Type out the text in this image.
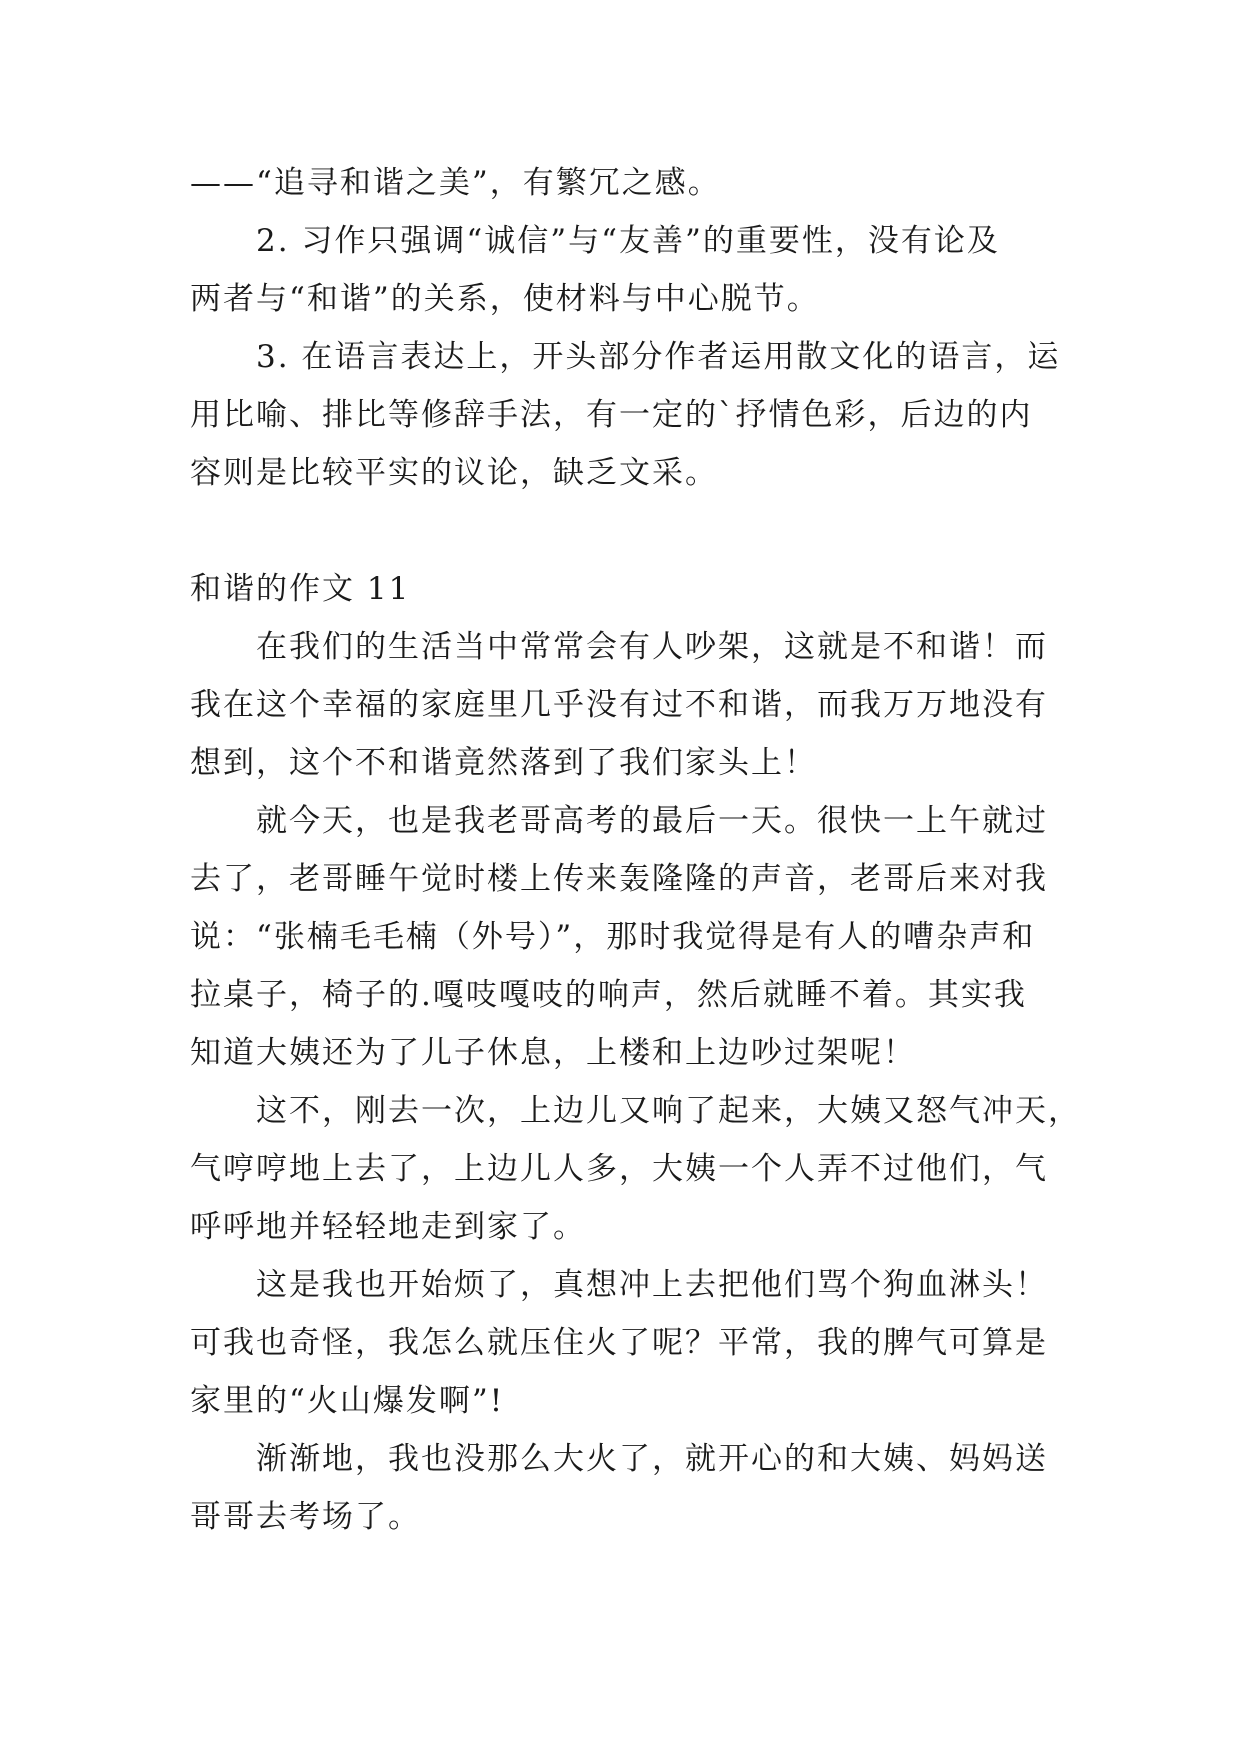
——“追寻和谐之美”，有繁冗之感。

2. 习作只强调“诚信”与“友善”的重要性，没有论及

两者与“和谐”的关系，使材料与中心脱节。

3. 在语言表达上，开头部分作者运用散文化的语言，运

用比喻、排比等修辞手法，有一定的`抒情色彩，后边的内

容则是比较平实的议论，缺乏文采。

和谐的作文 11

在我们的生活当中常常会有人吵架，这就是不和谐！而

我在这个幸福的家庭里几乎没有过不和谐，而我万万地没有

想到，这个不和谐竟然落到了我们家头上！

就今天，也是我老哥高考的最后一天。很快一上午就过

去了，老哥睡午觉时楼上传来轰隆隆的声音，老哥后来对我

说：“张楠毛毛楠（外号）”，那时我觉得是有人的嘈杂声和

拉桌子，椅子的.嘎吱嘎吱的响声，然后就睡不着。其实我

知道大姨还为了儿子休息，上楼和上边吵过架呢！

这不，刚去一次，上边儿又响了起来，大姨又怒气冲天，

气哼哼地上去了，上边儿人多，大姨一个人弄不过他们，气

呼呼地并轻轻地走到家了。

这是我也开始烦了，真想冲上去把他们骂个狗血淋头！

可我也奇怪，我怎么就压住火了呢？平常，我的脾气可算是

家里的“火山爆发啊”!

渐渐地，我也没那么大火了，就开心的和大姨、妈妈送

哥哥去考场了。
